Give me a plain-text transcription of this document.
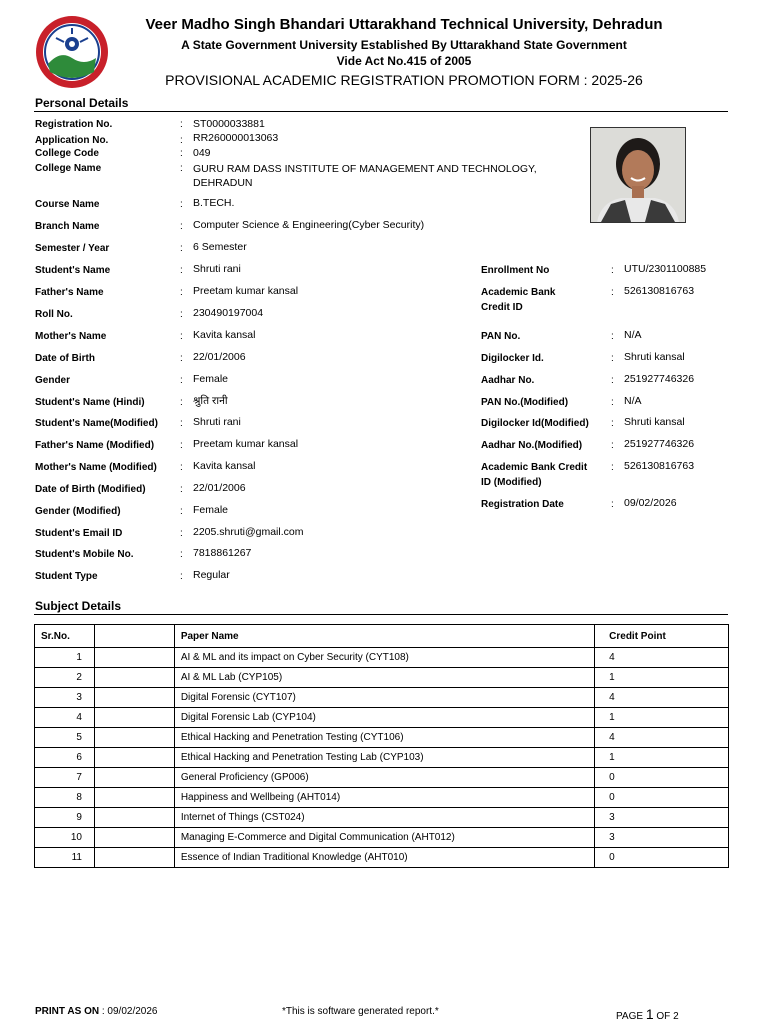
Veer Madho Singh Bhandari Uttarakhand Technical University, Dehradun
A State Government University Established By Uttarakhand State Government
Vide Act No.415 of 2005
PROVISIONAL ACADEMIC REGISTRATION PROMOTION FORM : 2025-26
Personal Details
Registration No.	: ST0000033881
Application No.	: RR260000013063
College Code	: 049
College Name	: GURU RAM DASS INSTITUTE OF MANAGEMENT AND TECHNOLOGY,
DEHRADUN
Course Name	: B.TECH.
Branch Name	: Computer Science & Engineering(Cyber Security)
Semester / Year	: 6 Semester
Student's Name	: Shruti rani
Father's Name	: Preetam kumar kansal
Roll No.	: 230490197004
Mother's Name	: Kavita kansal
Date of Birth	: 22/01/2006
Gender	: Female
Student's Name (Hindi)	: श्रुति रानी
Student's Name(Modified) : Shruti rani
Father's Name (Modified)	: Preetam kumar kansal
Mother's Name (Modified) : Kavita kansal
Date of Birth (Modified)	: 22/01/2006
Gender (Modified)	: Female
Student's Email ID	: 2205.shruti@gmail.com
Student's Mobile No.	: 7818861267
Student Type	: Regular
Enrollment No	: UTU/2301100885
Academic Bank
Credit ID
: 526130816763
PAN No.	: N/A
Digilocker Id.	: Shruti kansal
Aadhar No.	: 251927746326
PAN No.(Modified)	: N/A
Digilocker Id(Modified) : Shruti kansal
Aadhar No.(Modified)	: 251927746326
Academic Bank Credit
ID (Modified)
: 526130816763
Registration Date	: 09/02/2026
Subject Details
Sr.No.		Paper Name	Credit Point
1		AI & ML and its impact on Cyber Security (CYT108)	4
2		AI & ML Lab (CYP105)	1
3		Digital Forensic (CYT107)	4
4		Digital Forensic Lab (CYP104)	1
5		Ethical Hacking and Penetration Testing (CYT106)	4
6		Ethical Hacking and Penetration Testing Lab (CYP103)	1
7		General Proficiency (GP006)	0
8		Happiness and Wellbeing (AHT014)	0
9		Internet of Things (CST024)	3
10		Managing E-Commerce and Digital Communication (AHT012)	3
11		Essence of Indian Traditional Knowledge (AHT010)	0
PRINT AS ON : 09/02/2026	*This is software generated report.*	PAGE 1 OF 2
